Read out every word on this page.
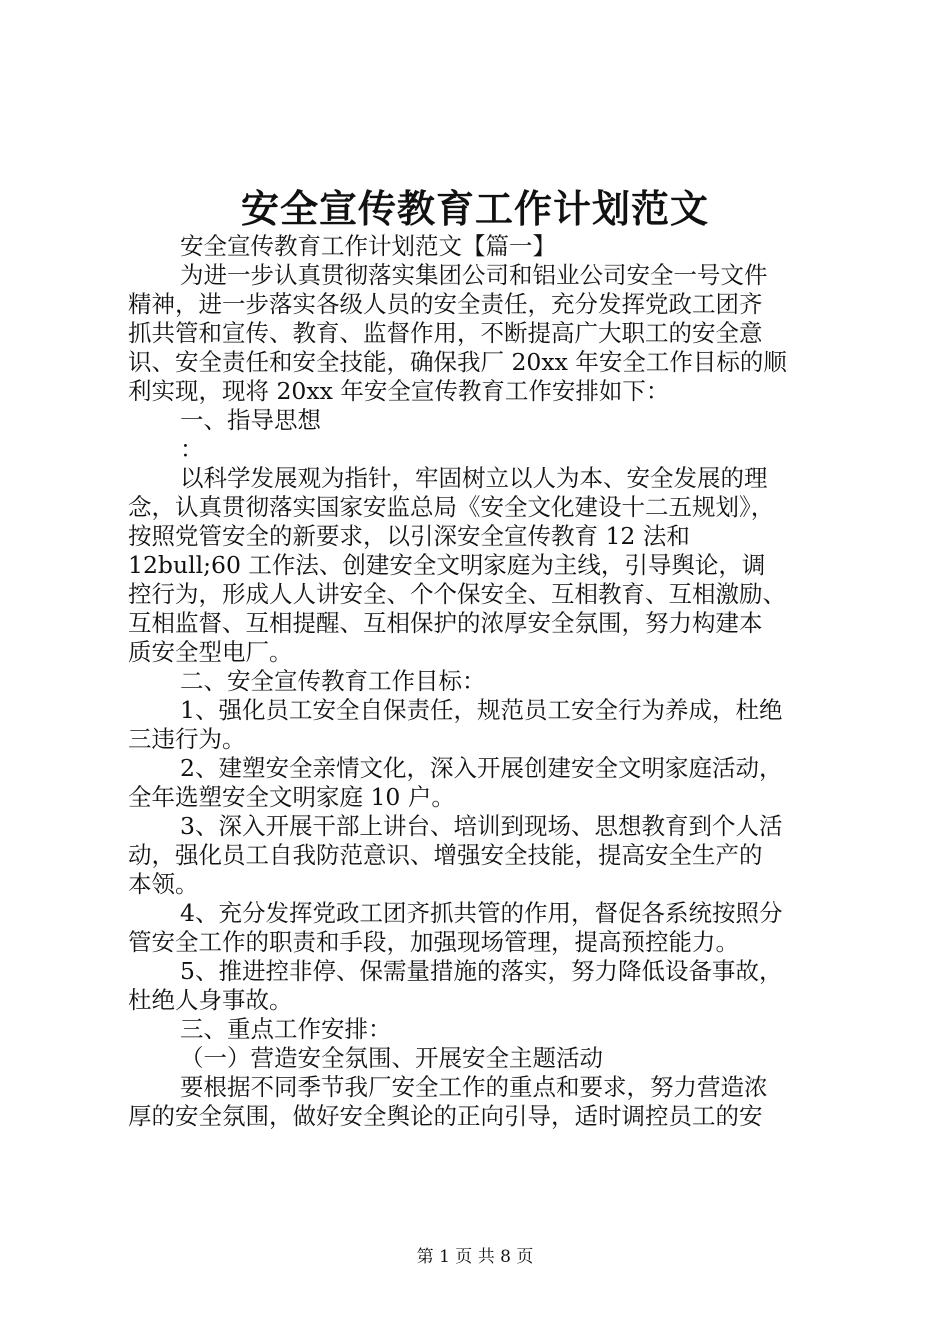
安全宣传教育工作计划范文
安全宣传教育工作计划范文【篇一】
为进一步认真贯彻落实集团公司和铝业公司安全一号文件
精神，进一步落实各级人员的安全责任，充分发挥党政工团齐
抓共管和宣传、教育、监督作用，不断提高广大职工的安全意
识、安全责任和安全技能，确保我厂 20xx 年安全工作目标的顺
利实现，现将 20xx 年安全宣传教育工作安排如下：
一、指导思想
：
以科学发展观为指针，牢固树立以人为本、安全发展的理
念，认真贯彻落实国家安监总局《安全文化建设十二五规划》，
按照党管安全的新要求，以引深安全宣传教育 12 法和
12bull;60 工作法、创建安全文明家庭为主线，引导舆论，调
控行为，形成人人讲安全、个个保安全、互相教育、互相激励、
互相监督、互相提醒、互相保护的浓厚安全氛围，努力构建本
质安全型电厂。
二、安全宣传教育工作目标：
1、强化员工安全自保责任，规范员工安全行为养成，杜绝
三违行为。
2、建塑安全亲情文化，深入开展创建安全文明家庭活动，
全年选塑安全文明家庭 10 户。
3、深入开展干部上讲台、培训到现场、思想教育到个人活
动，强化员工自我防范意识、增强安全技能，提高安全生产的
本领。
4、充分发挥党政工团齐抓共管的作用，督促各系统按照分
管安全工作的职责和手段，加强现场管理，提高预控能力。
5、推进控非停、保需量措施的落实，努力降低设备事故，
杜绝人身事故。
三、重点工作安排：
（一）营造安全氛围、开展安全主题活动
要根据不同季节我厂安全工作的重点和要求，努力营造浓
厚的安全氛围，做好安全舆论的正向引导，适时调控员工的安
第 1 页 共 8 页
